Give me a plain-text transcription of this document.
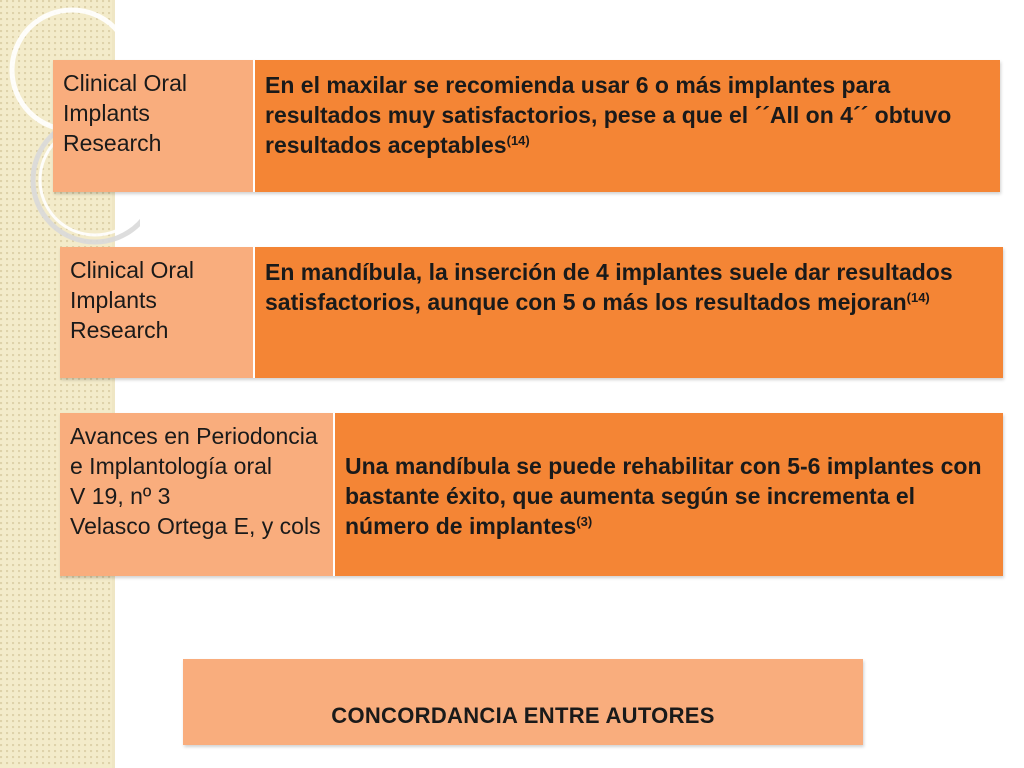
Clinical Oral
Implants
Research
En el maxilar se recomienda usar 6 o más implantes para resultados muy satisfactorios, pese a que el ´´All on 4´´ obtuvo resultados aceptables$^{(14)}$
Clinical Oral
Implants
Research
En mandíbula, la inserción de 4 implantes suele dar resultados satisfactorios, aunque con 5 o más los resultados mejoran$^{(14)}$
Avances en Periodoncia
e Implantología oral
V 19, nº 3
Velasco Ortega E, y cols
Una mandíbula se puede rehabilitar con 5-6 implantes con bastante éxito, que aumenta según se incrementa el número de implantes$^{(3)}$
CONCORDANCIA ENTRE AUTORES
